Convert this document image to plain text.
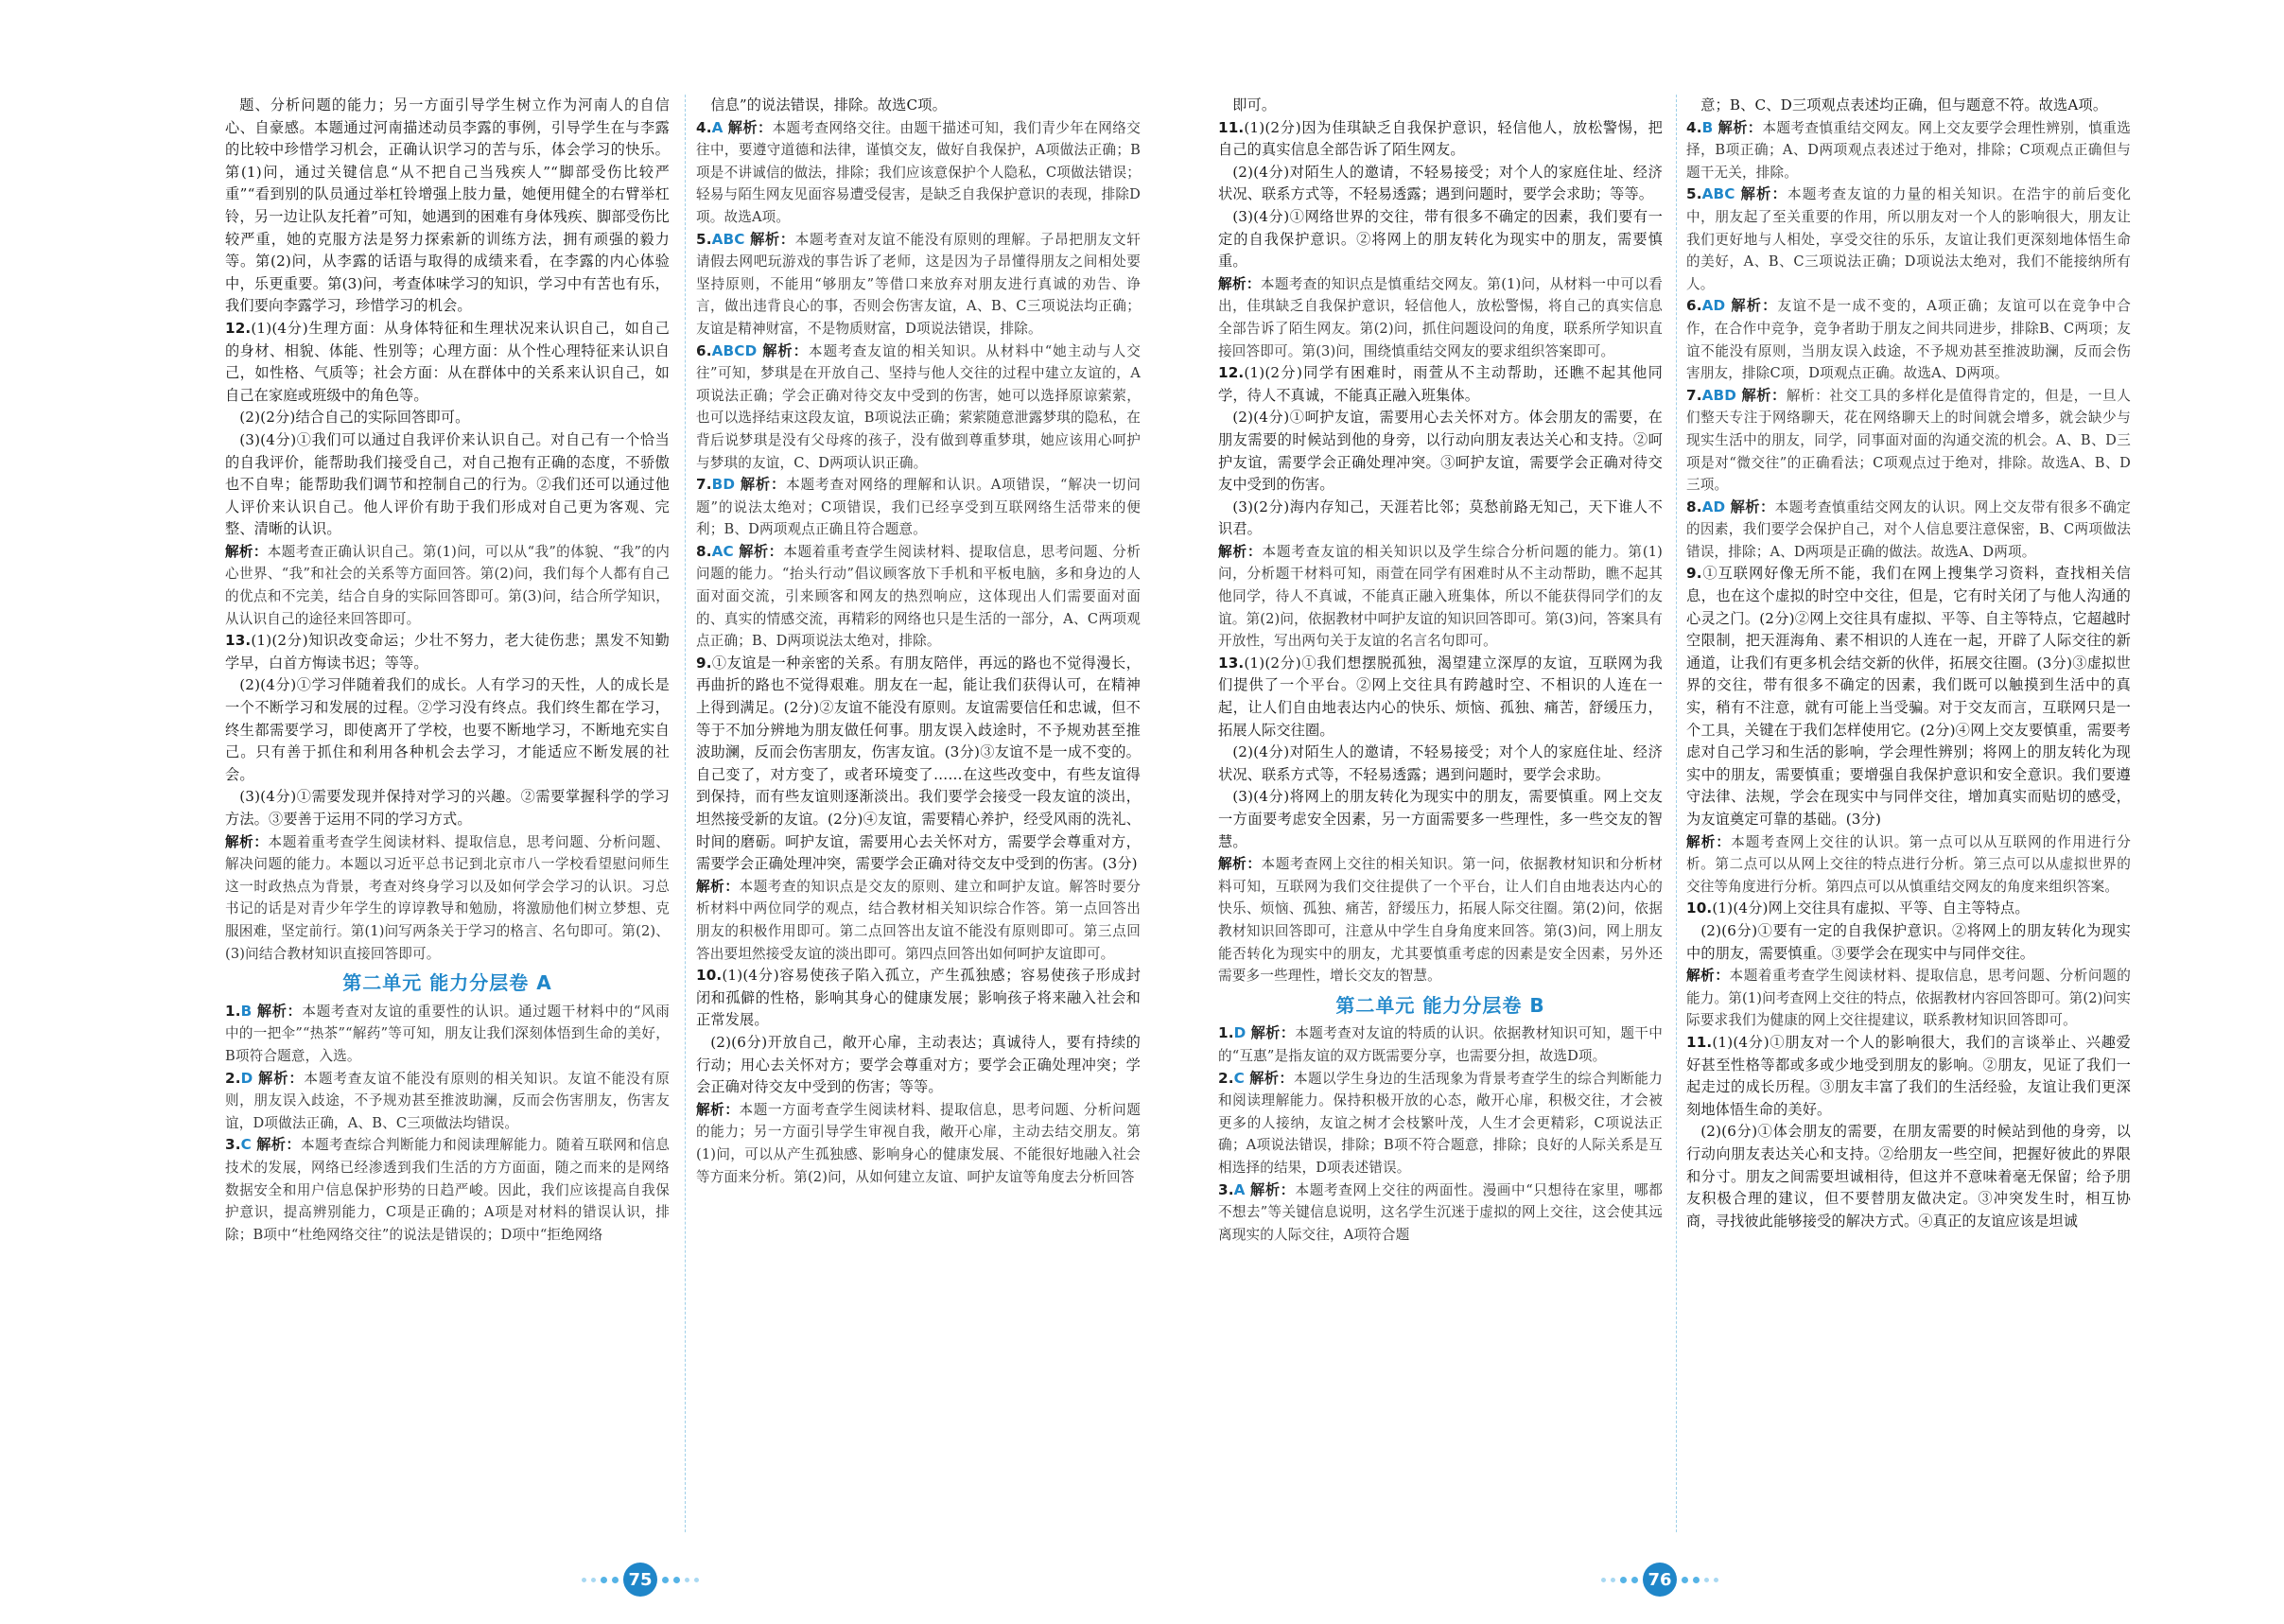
题、分析问题的能力；另一方面引导学生树立作为河南人的自信心、自豪感。本题通过河南描述动员李露的事例，引导学生在与李露的比较中珍惜学习机会，正确认识学习的苦与乐，体会学习的快乐。第(1)问，通过关键信息“从不把自己当残疾人”“脚部受伤比较严重”“看到别的队员通过举杠铃增强上肢力量，她便用健全的右臂举杠铃，另一边让队友托着”可知，她遇到的困难有身体残疾、脚部受伤比较严重，她的克服方法是努力探索新的训练方法，拥有顽强的毅力等。第(2)问，从李露的话语与取得的成绩来看，在李露的内心体验中，乐更重要。第(3)问，考查体味学习的知识，学习中有苦也有乐，我们要向李露学习，珍惜学习的机会。

12.(1)(4分)生理方面：从身体特征和生理状况来认识自己，如自己的身材、相貌、体能、性别等；心理方面：从个性心理特征来认识自己，如性格、气质等；社会方面：从在群体中的关系来认识自己，如自己在家庭或班级中的角色等。

(2)(2分)结合自己的实际回答即可。

(3)(4分)①我们可以通过自我评价来认识自己。对自己有一个恰当的自我评价，能帮助我们接受自己，对自己抱有正确的态度，不骄傲也不自卑；能帮助我们调节和控制自己的行为。②我们还可以通过他人评价来认识自己。他人评价有助于我们形成对自己更为客观、完整、清晰的认识。

解析：本题考查正确认识自己。第(1)问，可以从“我”的体貌、“我”的内心世界、“我”和社会的关系等方面回答。第(2)问，我们每个人都有自己的优点和不完美，结合自身的实际回答即可。第(3)问，结合所学知识，从认识自己的途径来回答即可。

13.(1)(2分)知识改变命运；少壮不努力，老大徒伤悲；黑发不知勤学早，白首方悔读书迟；等等。

(2)(4分)①学习伴随着我们的成长。人有学习的天性，人的成长是一个不断学习和发展的过程。②学习没有终点。我们终生都在学习，终生都需要学习，即使离开了学校，也要不断地学习，不断地充实自己。只有善于抓住和利用各种机会去学习，才能适应不断发展的社会。

(3)(4分)①需要发现并保持对学习的兴趣。②需要掌握科学的学习方法。③要善于运用不同的学习方式。

解析：本题着重考查学生阅读材料、提取信息，思考问题、分析问题、解决问题的能力。本题以习近平总书记到北京市八一学校看望慰问师生这一时政热点为背景，考查对终身学习以及如何学会学习的认识。习总书记的话是对青少年学生的谆谆教导和勉励，将激励他们树立梦想、克服困难，坚定前行。第(1)问写两条关于学习的格言、名句即可。第(2)、(3)问结合教材知识直接回答即可。

第二单元 能力分层卷 A

1.B 解析：本题考查对友谊的重要性的认识。通过题干材料中的“风雨中的一把伞”“热茶”“解药”等可知，朋友让我们深刻体悟到生命的美好，B项符合题意，入选。

2.D 解析：本题考查友谊不能没有原则的相关知识。友谊不能没有原则，朋友误入歧途，不予规劝甚至推波助澜，反而会伤害朋友，伤害友谊，D项做法正确，A、B、C三项做法均错误。

3.C 解析：本题考查综合判断能力和阅读理解能力。随着互联网和信息技术的发展，网络已经渗透到我们生活的方方面面，随之而来的是网络数据安全和用户信息保护形势的日趋严峻。因此，我们应该提高自我保护意识，提高辨别能力，C项是正确的；A项是对材料的错误认识，排除；B项中“杜绝网络交往”的说法是错误的；D项中“拒绝网络

信息”的说法错误，排除。故选C项。

4.A 解析：本题考查网络交往。由题干描述可知，我们青少年在网络交往中，要遵守道德和法律，谨慎交友，做好自我保护，A项做法正确；B项是不讲诚信的做法，排除；我们应该意保护个人隐私，C项做法错误；轻易与陌生网友见面容易遭受侵害，是缺乏自我保护意识的表现，排除D项。故选A项。

5.ABC 解析：本题考查对友谊不能没有原则的理解。子昂把朋友文轩请假去网吧玩游戏的事告诉了老师，这是因为子昂懂得朋友之间相处要坚持原则，不能用“够朋友”等借口来放弃对朋友进行真诚的劝告、诤言，做出违背良心的事，否则会伤害友谊，A、B、C三项说法均正确；友谊是精神财富，不是物质财富，D项说法错误，排除。

6.ABCD 解析：本题考查友谊的相关知识。从材料中“她主动与人交往”可知，梦琪是在开放自己、坚持与他人交往的过程中建立友谊的，A项说法正确；学会正确对待交友中受到的伤害，她可以选择原谅萦萦，也可以选择结束这段友谊，B项说法正确；萦萦随意泄露梦琪的隐私，在背后说梦琪是没有父母疼的孩子，没有做到尊重梦琪，她应该用心呵护与梦琪的友谊，C、D两项认识正确。

7.BD 解析：本题考查对网络的理解和认识。A项错误，“解决一切问题”的说法太绝对；C项错误，我们已经享受到互联网络生活带来的便利；B、D两项观点正确且符合题意。

8.AC 解析：本题着重考查学生阅读材料、提取信息，思考问题、分析问题的能力。“抬头行动”倡议顾客放下手机和平板电脑，多和身边的人面对面交流，引来顾客和网友的热烈响应，这体现出人们需要面对面的、真实的情感交流，再精彩的网络也只是生活的一部分，A、C两项观点正确；B、D两项说法太绝对，排除。

9.①友谊是一种亲密的关系。有朋友陪伴，再远的路也不觉得漫长，再曲折的路也不觉得艰难。朋友在一起，能让我们获得认可，在精神上得到满足。(2分)②友谊不能没有原则。友谊需要信任和忠诚，但不等于不加分辨地为朋友做任何事。朋友误入歧途时，不予规劝甚至推波助澜，反而会伤害朋友，伤害友谊。(3分)③友谊不是一成不变的。自己变了，对方变了，或者环境变了……在这些改变中，有些友谊得到保持，而有些友谊则逐渐淡出。我们要学会接受一段友谊的淡出，坦然接受新的友谊。(2分)④友谊，需要精心养护，经受风雨的洗礼、时间的磨砺。呵护友谊，需要用心去关怀对方，需要学会尊重对方，需要学会正确处理冲突，需要学会正确对待交友中受到的伤害。(3分)

解析：本题考查的知识点是交友的原则、建立和呵护友谊。解答时要分析材料中两位同学的观点，结合教材相关知识综合作答。第一点回答出朋友的积极作用即可。第二点回答出友谊不能没有原则即可。第三点回答出要坦然接受友谊的淡出即可。第四点回答出如何呵护友谊即可。

10.(1)(4分)容易使孩子陷入孤立，产生孤独感；容易使孩子形成封闭和孤僻的性格，影响其身心的健康发展；影响孩子将来融入社会和正常发展。

(2)(6分)开放自己，敞开心扉，主动表达；真诚待人，要有持续的行动；用心去关怀对方；要学会尊重对方；要学会正确处理冲突；学会正确对待交友中受到的伤害；等等。

解析：本题一方面考查学生阅读材料、提取信息，思考问题、分析问题的能力；另一方面引导学生审视自我，敞开心扉，主动去结交朋友。第(1)问，可以从产生孤独感、影响身心的健康发展、不能很好地融入社会等方面来分析。第(2)问，从如何建立友谊、呵护友谊等角度去分析回答

75

即可。

11.(1)(2分)因为佳琪缺乏自我保护意识，轻信他人，放松警惕，把自己的真实信息全部告诉了陌生网友。

(2)(4分)对陌生人的邀请，不轻易接受；对个人的家庭住址、经济状况、联系方式等，不轻易透露；遇到问题时，要学会求助；等等。

(3)(4分)①网络世界的交往，带有很多不确定的因素，我们要有一定的自我保护意识。②将网上的朋友转化为现实中的朋友，需要慎重。

解析：本题考查的知识点是慎重结交网友。第(1)问，从材料一中可以看出，佳琪缺乏自我保护意识，轻信他人，放松警惕，将自己的真实信息全部告诉了陌生网友。第(2)问，抓住问题设问的角度，联系所学知识直接回答即可。第(3)问，围绕慎重结交网友的要求组织答案即可。

12.(1)(2分)同学有困难时，雨萱从不主动帮助，还瞧不起其他同学，待人不真诚，不能真正融入班集体。

(2)(4分)①呵护友谊，需要用心去关怀对方。体会朋友的需要，在朋友需要的时候站到他的身旁，以行动向朋友表达关心和支持。②呵护友谊，需要学会正确处理冲突。③呵护友谊，需要学会正确对待交友中受到的伤害。

(3)(2分)海内存知己，天涯若比邻；莫愁前路无知己，天下谁人不识君。

解析：本题考查友谊的相关知识以及学生综合分析问题的能力。第(1)问，分析题干材料可知，雨萱在同学有困难时从不主动帮助，瞧不起其他同学，待人不真诚，不能真正融入班集体，所以不能获得同学们的友谊。第(2)问，依据教材中呵护友谊的知识回答即可。第(3)问，答案具有开放性，写出两句关于友谊的名言名句即可。

13.(1)(2分)①我们想摆脱孤独，渴望建立深厚的友谊，互联网为我们提供了一个平台。②网上交往具有跨越时空、不相识的人连在一起，让人们自由地表达内心的快乐、烦恼、孤独、痛苦，舒缓压力，拓展人际交往圈。

(2)(4分)对陌生人的邀请，不轻易接受；对个人的家庭住址、经济状况、联系方式等，不轻易透露；遇到问题时，要学会求助。

(3)(4分)将网上的朋友转化为现实中的朋友，需要慎重。网上交友一方面要考虑安全因素，另一方面需要多一些理性，多一些交友的智慧。

解析：本题考查网上交往的相关知识。第一问，依据教材知识和分析材料可知，互联网为我们交往提供了一个平台，让人们自由地表达内心的快乐、烦恼、孤独、痛苦，舒缓压力，拓展人际交往圈。第(2)问，依据教材知识回答即可，注意从中学生自身角度来回答。第(3)问，网上朋友能否转化为现实中的朋友，尤其要慎重考虑的因素是安全因素，另外还需要多一些理性，增长交友的智慧。

第二单元 能力分层卷 B

1.D 解析：本题考查对友谊的特质的认识。依据教材知识可知，题干中的“互惠”是指友谊的双方既需要分享，也需要分担，故选D项。

2.C 解析：本题以学生身边的生活现象为背景考查学生的综合判断能力和阅读理解能力。保持积极开放的心态，敞开心扉，积极交往，才会被更多的人接纳，友谊之树才会枝繁叶茂，人生才会更精彩，C项说法正确；A项说法错误，排除；B项不符合题意，排除；良好的人际关系是互相选择的结果，D项表述错误。

3.A 解析：本题考查网上交往的两面性。漫画中“只想待在家里，哪都不想去”等关键信息说明，这名学生沉迷于虚拟的网上交往，这会使其远离现实的人际交往，A项符合题

意；B、C、D三项观点表述均正确，但与题意不符。故选A项。

4.B 解析：本题考查慎重结交网友。网上交友要学会理性辨别，慎重选择，B项正确；A、D两项观点表述过于绝对，排除；C项观点正确但与题干无关，排除。

5.ABC 解析：本题考查友谊的力量的相关知识。在浩宇的前后变化中，朋友起了至关重要的作用，所以朋友对一个人的影响很大，朋友让我们更好地与人相处，享受交往的乐乐，友谊让我们更深刻地体悟生命的美好，A、B、C三项说法正确；D项说法太绝对，我们不能接纳所有人。

6.AD 解析：友谊不是一成不变的，A项正确；友谊可以在竞争中合作，在合作中竞争，竞争者助于朋友之间共同进步，排除B、C两项；友谊不能没有原则，当朋友误入歧途，不予规劝甚至推波助澜，反而会伤害朋友，排除C项，D项观点正确。故选A、D两项。

7.ABD 解析：解析：社交工具的多样化是值得肯定的，但是，一旦人们整天专注于网络聊天，花在网络聊天上的时间就会增多，就会缺少与现实生活中的朋友，同学，同事面对面的沟通交流的机会。A、B、D三项是对“微交往”的正确看法；C项观点过于绝对，排除。故选A、B、D三项。

8.AD 解析：本题考查慎重结交网友的认识。网上交友带有很多不确定的因素，我们要学会保护自己，对个人信息要注意保密，B、C两项做法错误，排除；A、D两项是正确的做法。故选A、D两项。

9.①互联网好像无所不能，我们在网上搜集学习资料，查找相关信息，也在这个虚拟的时空中交往，但是，它有时关闭了与他人沟通的心灵之门。(2分)②网上交往具有虚拟、平等、自主等特点，它超越时空限制，把天涯海角、素不相识的人连在一起，开辟了人际交往的新通道，让我们有更多机会结交新的伙伴，拓展交往圈。(3分)③虚拟世界的交往，带有很多不确定的因素，我们既可以触摸到生活中的真实，稍有不注意，就有可能上当受骗。对于交友而言，互联网只是一个工具，关键在于我们怎样使用它。(2分)④网上交友要慎重，需要考虑对自己学习和生活的影响，学会理性辨别；将网上的朋友转化为现实中的朋友，需要慎重；要增强自我保护意识和安全意识。我们要遵守法律、法规，学会在现实中与同伴交往，增加真实而贴切的感受，为友谊奠定可靠的基础。(3分)

解析：本题考查网上交往的认识。第一点可以从互联网的作用进行分析。第二点可以从网上交往的特点进行分析。第三点可以从虚拟世界的交往等角度进行分析。第四点可以从慎重结交网友的角度来组织答案。

10.(1)(4分)网上交往具有虚拟、平等、自主等特点。

(2)(6分)①要有一定的自我保护意识。②将网上的朋友转化为现实中的朋友，需要慎重。③要学会在现实中与同伴交往。

解析：本题着重考查学生阅读材料、提取信息，思考问题、分析问题的能力。第(1)问考查网上交往的特点，依据教材内容回答即可。第(2)问实际要求我们为健康的网上交往提建议，联系教材知识回答即可。

11.(1)(4分)①朋友对一个人的影响很大，我们的言谈举止、兴趣爱好甚至性格等都或多或少地受到朋友的影响。②朋友，见证了我们一起走过的成长历程。③朋友丰富了我们的生活经验，友谊让我们更深刻地体悟生命的美好。

(2)(6分)①体会朋友的需要，在朋友需要的时候站到他的身旁，以行动向朋友表达关心和支持。②给朋友一些空间，把握好彼此的界限和分寸。朋友之间需要坦诚相待，但这并不意味着毫无保留；给予朋友积极合理的建议，但不要替朋友做决定。③冲突发生时，相互协商，寻找彼此能够接受的解决方式。④真正的友谊应该是坦诚

76
